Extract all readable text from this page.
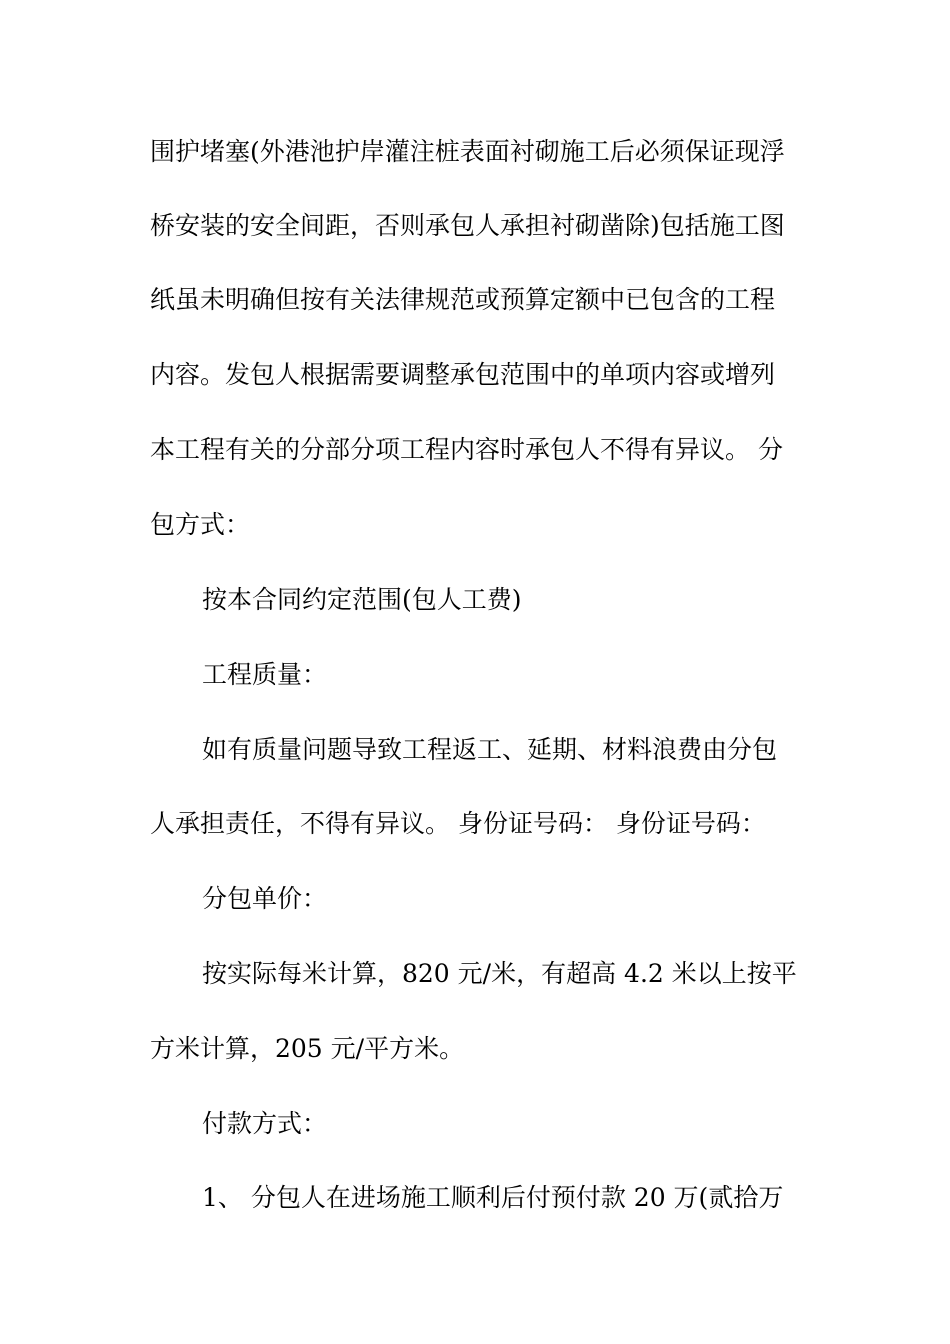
围护堵塞(外港池护岸灌注桩表面衬砌施工后必须保证现浮

桥安装的安全间距，否则承包人承担衬砌凿除)包括施工图

纸虽未明确但按有关法律规范或预算定额中已包含的工程

内容。发包人根据需要调整承包范围中的单项内容或增列

本工程有关的分部分项工程内容时承包人不得有异议。 分

包方式：

按本合同约定范围(包人工费)

工程质量：

如有质量问题导致工程返工、延期、材料浪费由分包

人承担责任，不得有异议。 身份证号码： 身份证号码：

分包单价：

按实际每米计算，820 元/米，有超高 4.2 米以上按平

方米计算，205 元/平方米。

付款方式：

1、 分包人在进场施工顺利后付预付款 20 万(贰拾万
